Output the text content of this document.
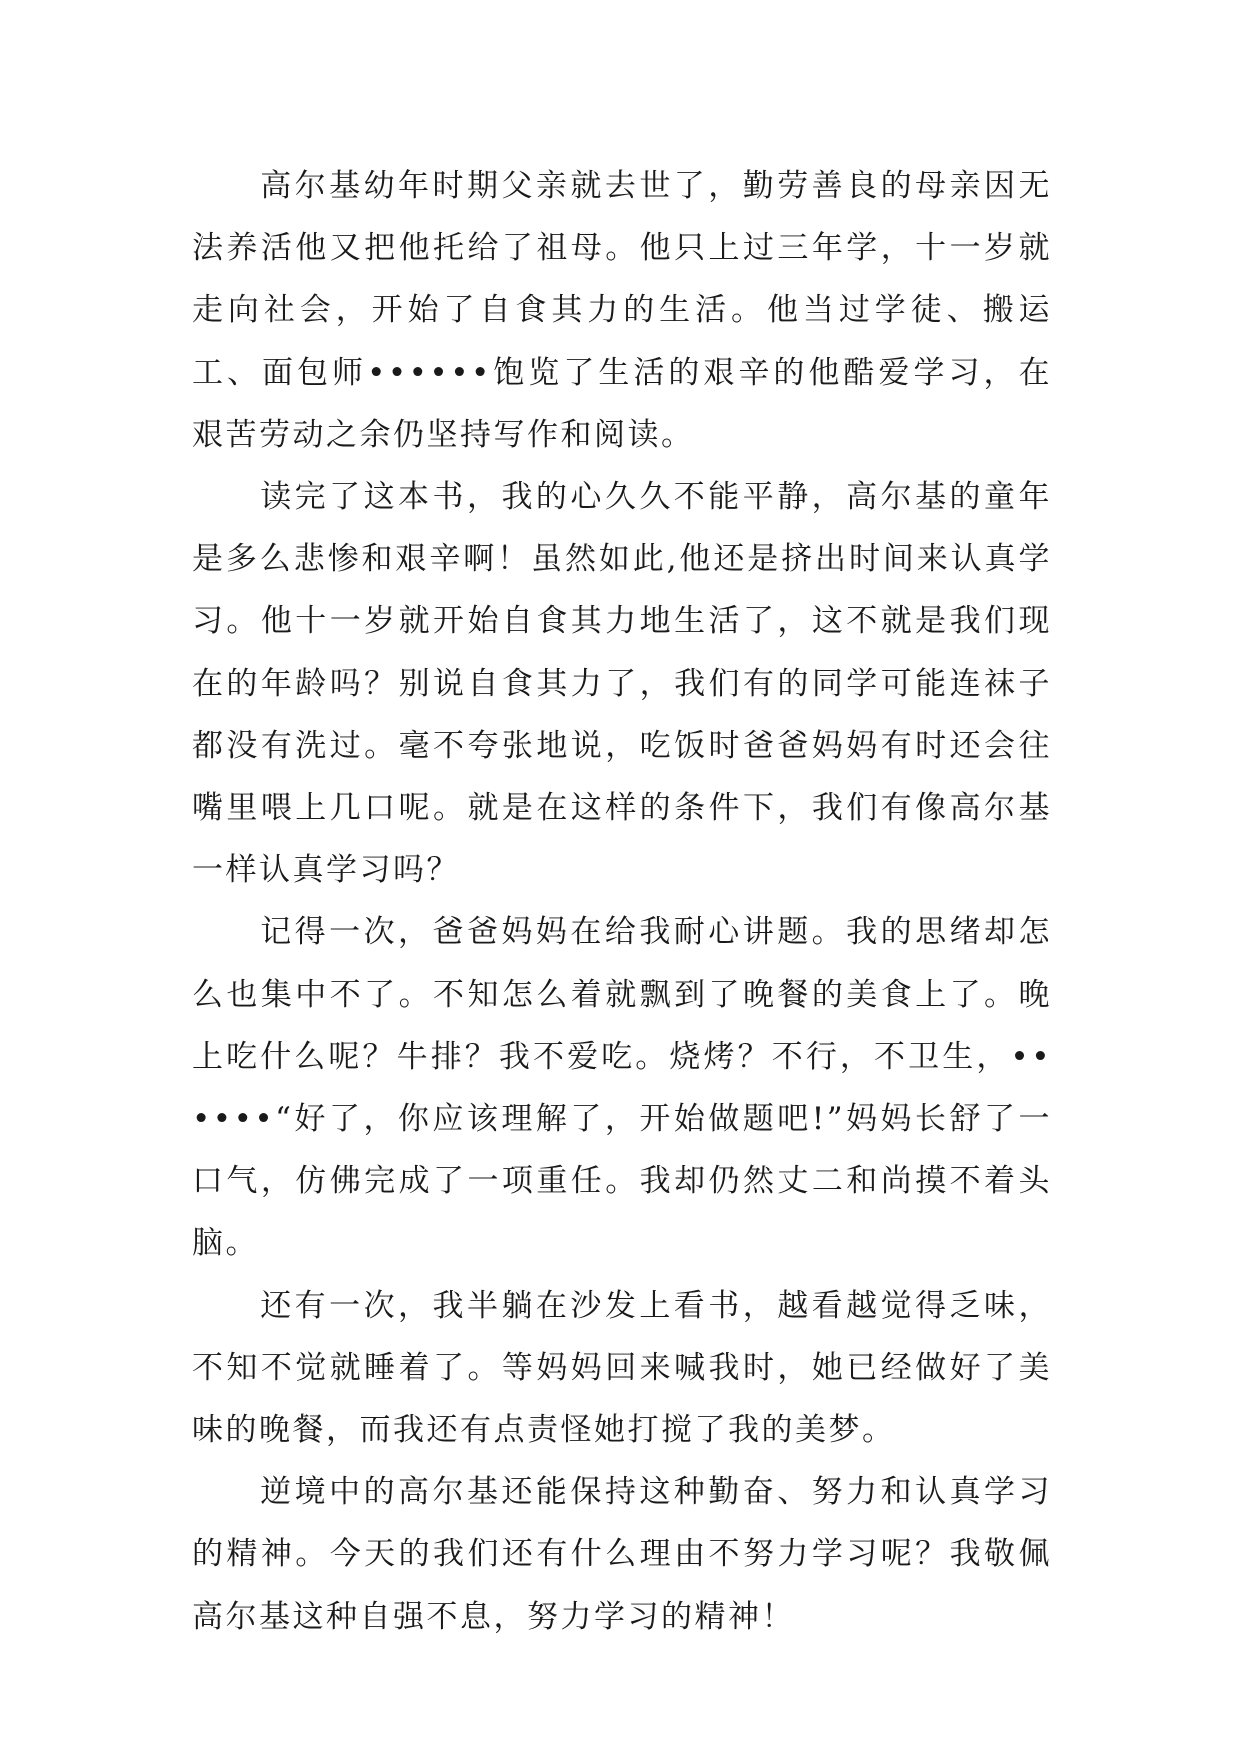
高尔基幼年时期父亲就去世了，勤劳善良的母亲因无法养活他又把他托给了祖母。他只上过三年学，十一岁就走向社会，开始了自食其力的生活。他当过学徒、搬运工、面包师••••••饱览了生活的艰辛的他酷爱学习，在艰苦劳动之余仍坚持写作和阅读。

读完了这本书，我的心久久不能平静，高尔基的童年是多么悲惨和艰辛啊！虽然如此,他还是挤出时间来认真学习。他十一岁就开始自食其力地生活了，这不就是我们现在的年龄吗？别说自食其力了，我们有的同学可能连袜子都没有洗过。毫不夸张地说，吃饭时爸爸妈妈有时还会往嘴里喂上几口呢。就是在这样的条件下，我们有像高尔基一样认真学习吗？

记得一次，爸爸妈妈在给我耐心讲题。我的思绪却怎么也集中不了。不知怎么着就飘到了晚餐的美食上了。晚上吃什么呢？牛排？我不爱吃。烧烤？不行，不卫生，••••••“好了，你应该理解了，开始做题吧!”妈妈长舒了一口气，仿佛完成了一项重任。我却仍然丈二和尚摸不着头脑。

还有一次，我半躺在沙发上看书，越看越觉得乏味，不知不觉就睡着了。等妈妈回来喊我时，她已经做好了美味的晚餐，而我还有点责怪她打搅了我的美梦。

逆境中的高尔基还能保持这种勤奋、努力和认真学习的精神。今天的我们还有什么理由不努力学习呢？我敬佩高尔基这种自强不息，努力学习的精神！
